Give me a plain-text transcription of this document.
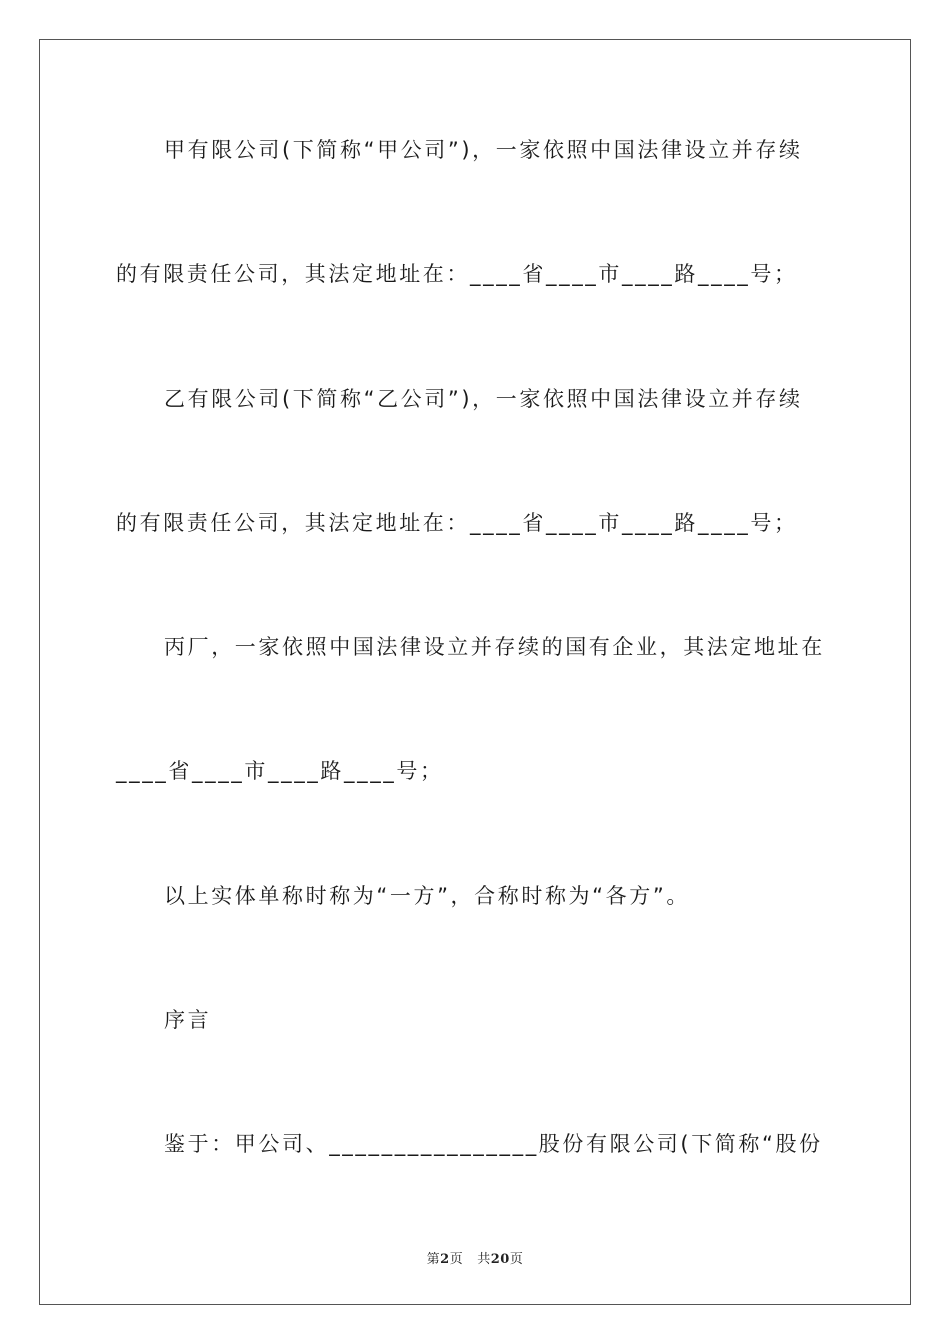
甲有限公司(下简称“甲公司”)，一家依照中国法律设立并存续
的有限责任公司，其法定地址在：____省____市____路____号；
乙有限公司(下简称“乙公司”)，一家依照中国法律设立并存续
的有限责任公司，其法定地址在：____省____市____路____号；
丙厂，一家依照中国法律设立并存续的国有企业，其法定地址在
____省____市____路____号；
以上实体单称时称为“一方”，合称时称为“各方”。
序言
鉴于：甲公司、________________股份有限公司(下简称“股份
第2页 共20页
